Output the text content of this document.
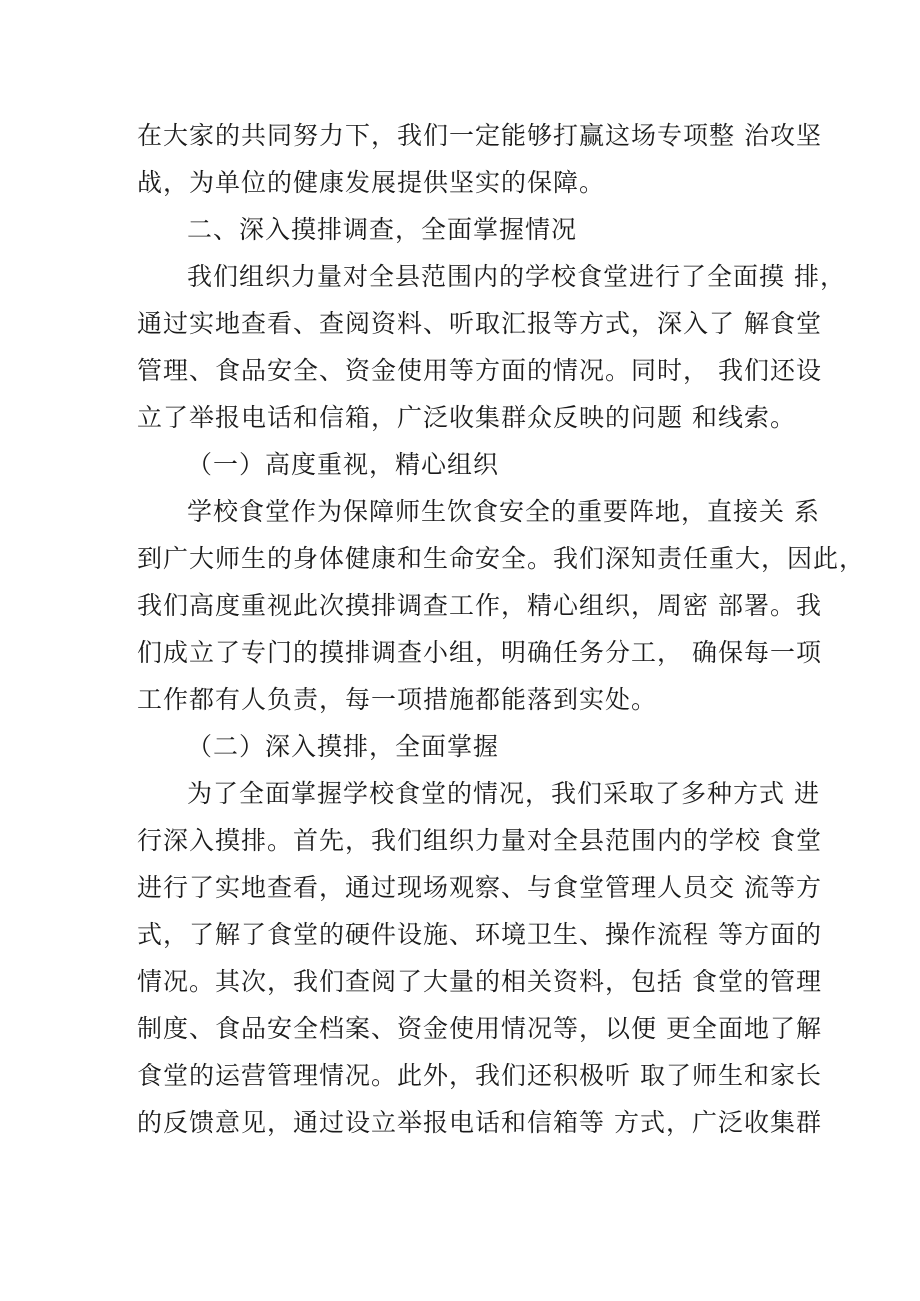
在大家的共同努力下，我们一定能够打赢这场专项整 治攻坚
战，为单位的健康发展提供坚实的保障。
二、深入摸排调查，全面掌握情况
我们组织力量对全县范围内的学校食堂进行了全面摸 排，
通过实地查看、查阅资料、听取汇报等方式，深入了 解食堂
管理、食品安全、资金使用等方面的情况。同时， 我们还设
立了举报电话和信箱，广泛收集群众反映的问题 和线索。
（一）高度重视，精心组织
学校食堂作为保障师生饮食安全的重要阵地，直接关 系
到广大师生的身体健康和生命安全。我们深知责任重大，因此，
我们高度重视此次摸排调查工作，精心组织，周密 部署。我
们成立了专门的摸排调查小组，明确任务分工， 确保每一项
工作都有人负责，每一项措施都能落到实处。
（二）深入摸排，全面掌握
为了全面掌握学校食堂的情况，我们采取了多种方式 进
行深入摸排。首先，我们组织力量对全县范围内的学校 食堂
进行了实地查看，通过现场观察、与食堂管理人员交 流等方
式，了解了食堂的硬件设施、环境卫生、操作流程 等方面的
情况。其次，我们查阅了大量的相关资料，包括 食堂的管理
制度、食品安全档案、资金使用情况等，以便 更全面地了解
食堂的运营管理情况。此外，我们还积极听 取了师生和家长
的反馈意见，通过设立举报电话和信箱等 方式，广泛收集群
